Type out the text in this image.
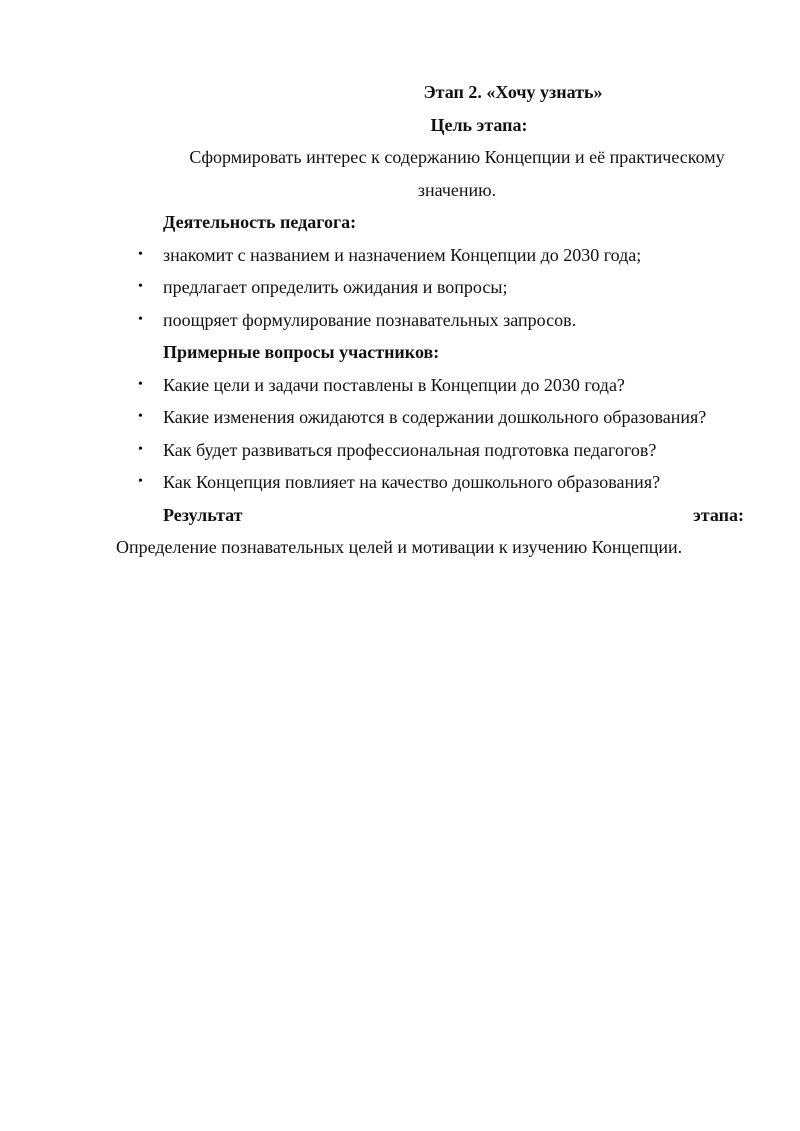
Этап 2. «Хочу узнать»
Цель этапа:
Сформировать интерес к содержанию Концепции и её практическому
значению.
Деятельность педагога:
• знакомит с названием и назначением Концепции до 2030 года;
• предлагает определить ожидания и вопросы;
• поощряет формулирование познавательных запросов.
Примерные вопросы участников:
• Какие цели и задачи поставлены в Концепции до 2030 года?
• Какие изменения ожидаются в содержании дошкольного образования?
• Как будет развиваться профессиональная подготовка педагогов?
• Как Концепция повлияет на качество дошкольного образования?
Результат	этапа:
Определение познавательных целей и мотивации к изучению Концепции.
